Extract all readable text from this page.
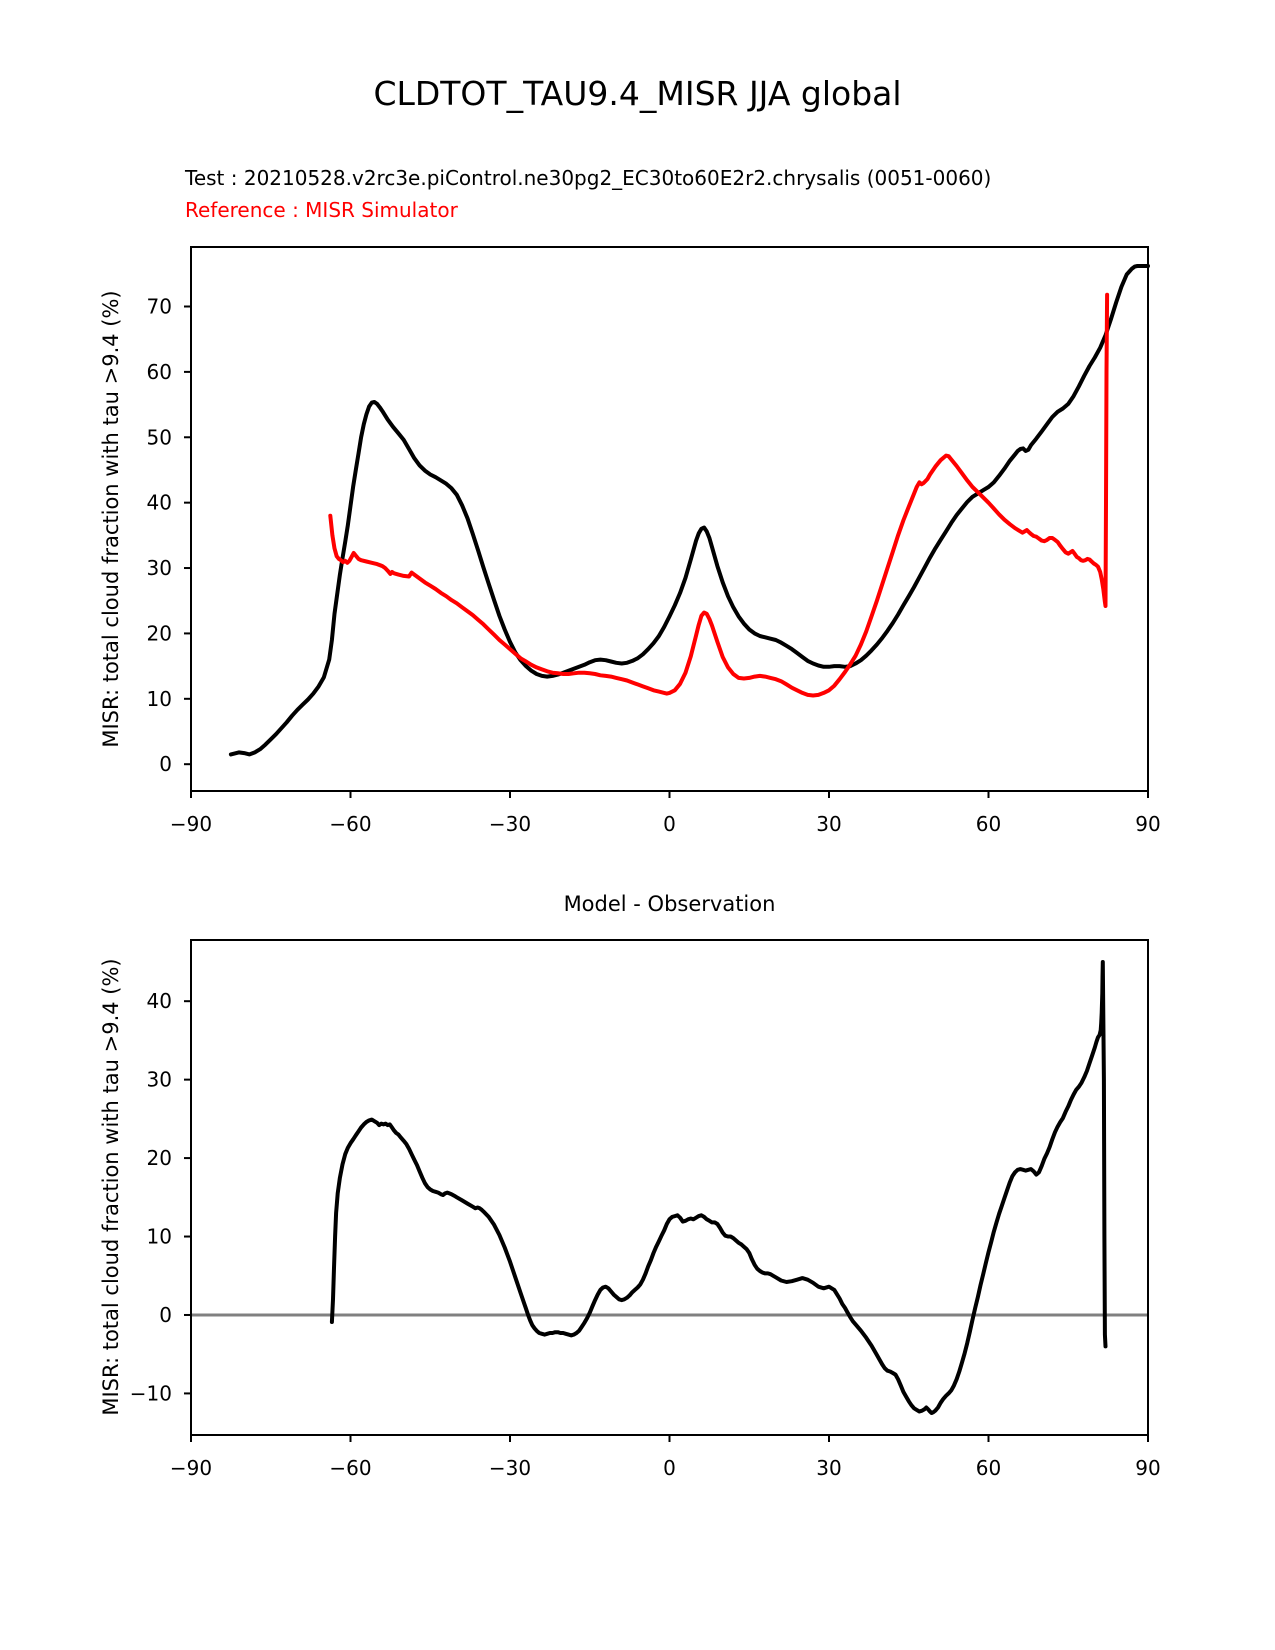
CLDTOT_TAU9.4_MISR JJA global
Test : 20210528.v2rc3e.piControl.ne30pg2_EC30to60E2r2.chrysalis (0051-0060)
Reference : MISR Simulator
Model - Observation
MISR: total cloud fraction with tau >9.4 (%)
MISR: total cloud fraction with tau >9.4 (%)
−90	−60	−30	0	30	60	90
0
10
20
30
40
50
60
70
−90	−60	−30	0	30	60	90
−10
0
10
20
30
40
